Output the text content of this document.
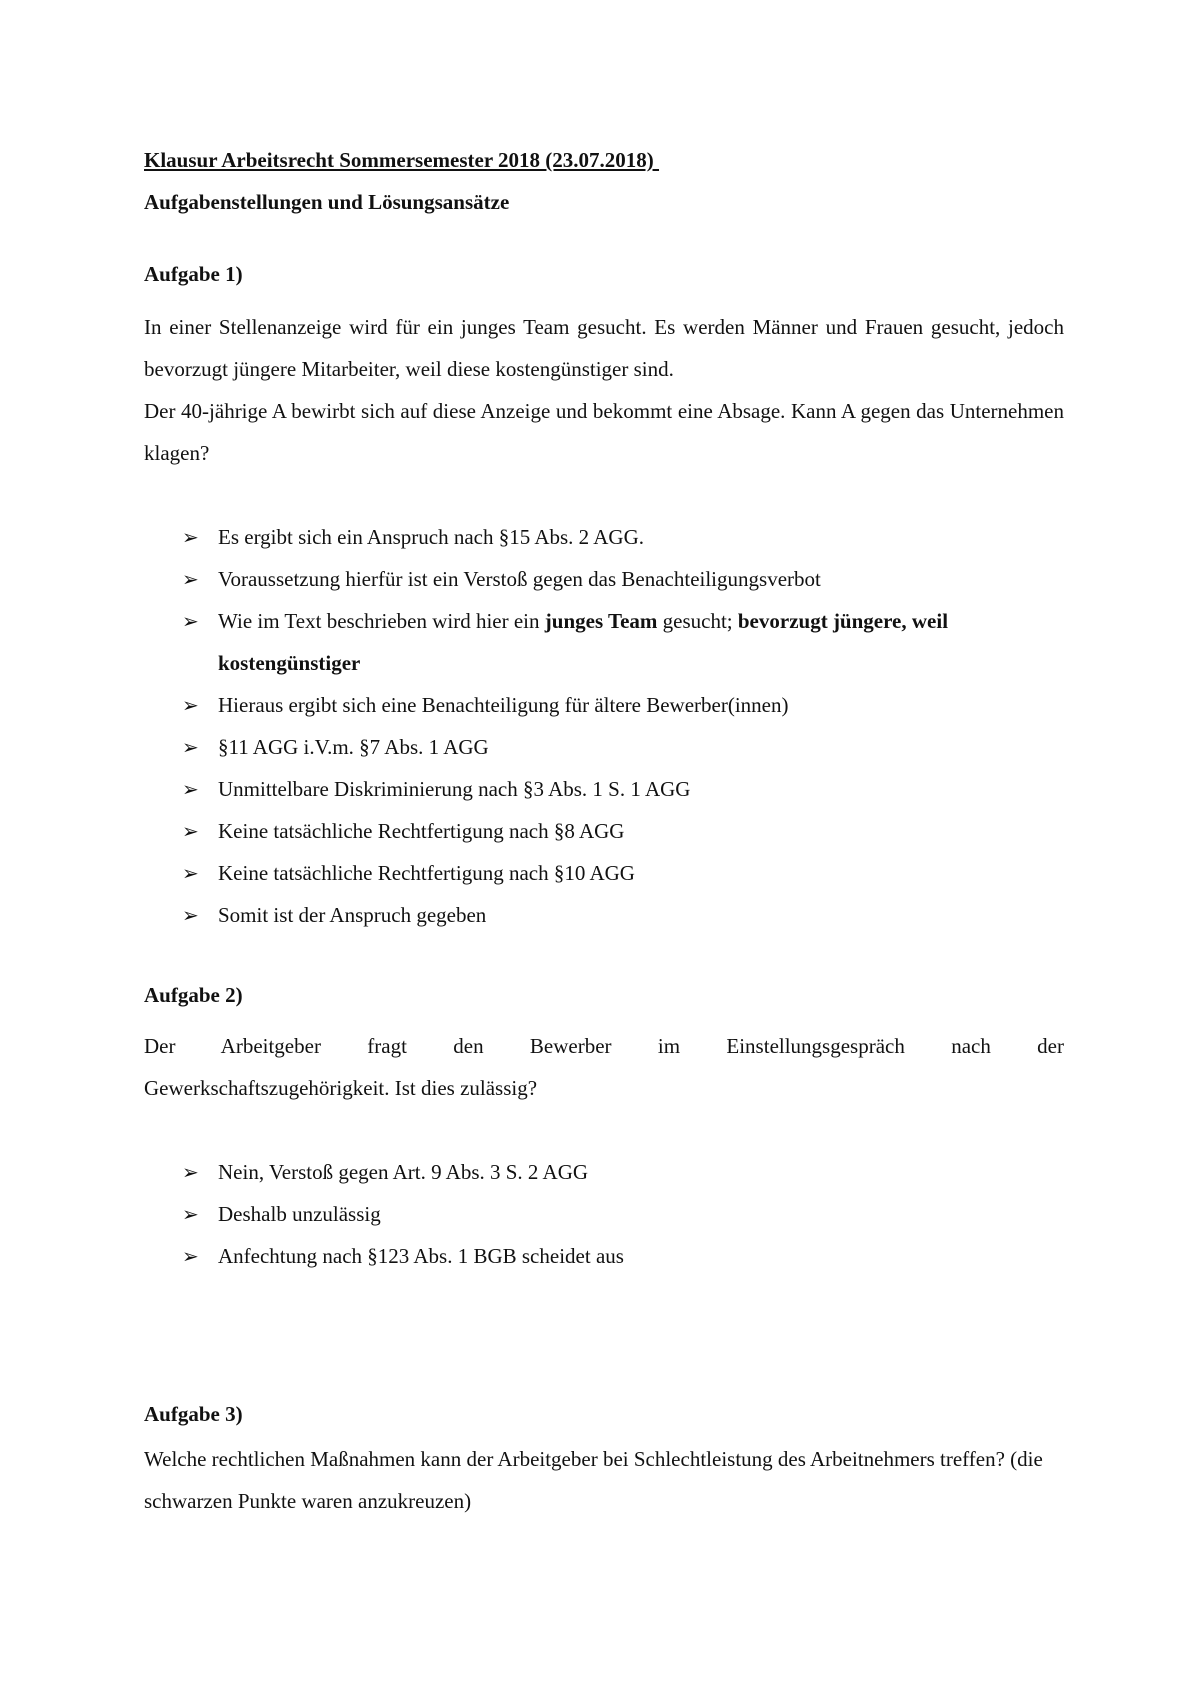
Klausur Arbeitsrecht Sommersemester 2018 (23.07.2018)
Aufgabenstellungen und Lösungsansätze
Aufgabe 1)

In einer Stellenanzeige wird für ein junges Team gesucht. Es werden Männer und Frauen gesucht, jedoch bevorzugt jüngere Mitarbeiter, weil diese kostengünstiger sind.

Der 40-jährige A bewirbt sich auf diese Anzeige und bekommt eine Absage. Kann A gegen das Unternehmen klagen?

➢ Es ergibt sich ein Anspruch nach §15 Abs. 2 AGG.
➢ Voraussetzung hierfür ist ein Verstoß gegen das Benachteiligungsverbot
➢ Wie im Text beschrieben wird hier ein junges Team gesucht; bevorzugt jüngere, weil kostengünstiger
➢ Hieraus ergibt sich eine Benachteiligung für ältere Bewerber(innen)
➢ §11 AGG i.V.m. §7 Abs. 1 AGG
➢ Unmittelbare Diskriminierung nach §3 Abs. 1 S. 1 AGG
➢ Keine tatsächliche Rechtfertigung nach §8 AGG
➢ Keine tatsächliche Rechtfertigung nach §10 AGG
➢ Somit ist der Anspruch gegeben
Aufgabe 2)

Der Arbeitgeber fragt den Bewerber im Einstellungsgespräch nach der

Gewerkschaftszugehörigkeit. Ist dies zulässig?

➢ Nein, Verstoß gegen Art. 9 Abs. 3 S. 2 AGG
➢ Deshalb unzulässig
➢ Anfechtung nach §123 Abs. 1 BGB scheidet aus
Aufgabe 3)

Welche rechtlichen Maßnahmen kann der Arbeitgeber bei Schlechtleistung des Arbeitnehmers treffen? (die schwarzen Punkte waren anzukreuzen)
